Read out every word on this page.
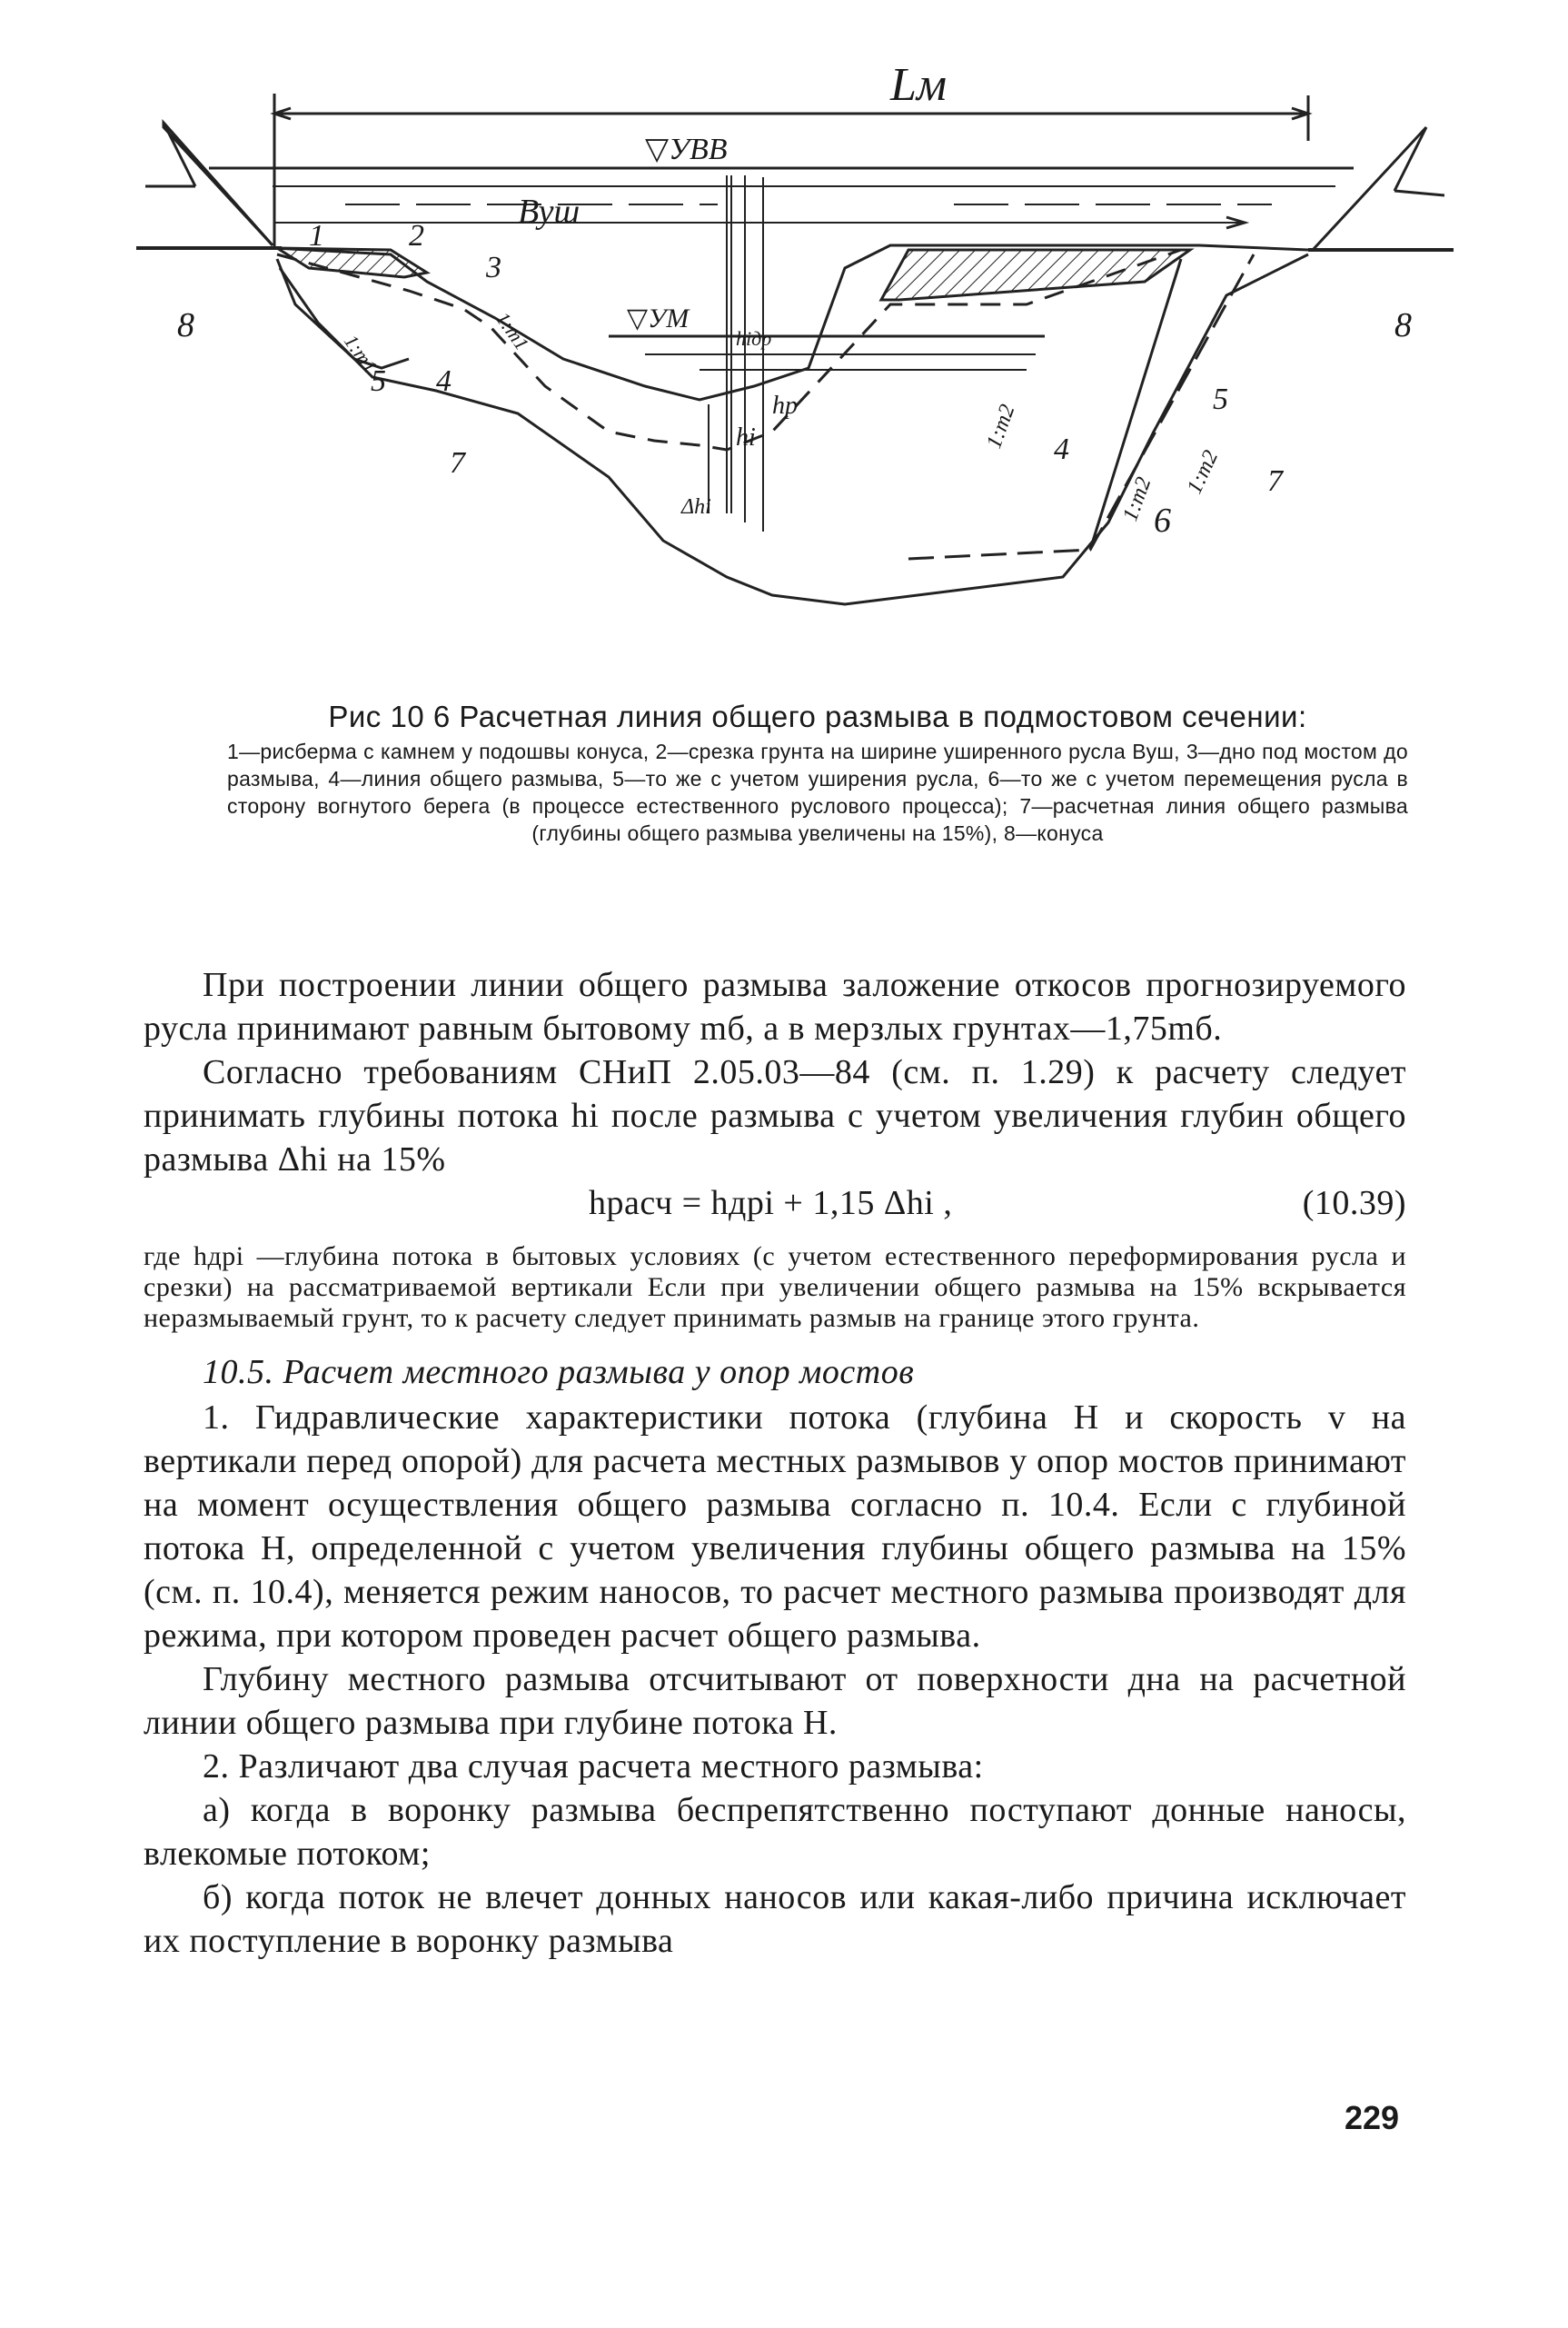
Lм
▽УВВ
Вуш
▽УМ
hiдр
hр
hi
Δhi
1:m1	1:m1
1:m2
1:m2
1:m2
1	2
3
4
4
5
5
6
7
7
8	8
Рис 10 6 Расчетная линия общего размыва в подмостовом сечении:
1—рисберма с камнем у подошвы конуса, 2—срезка грунта на ширине уширенного русла Вуш, 3—дно под мостом до размыва, 4—линия общего размыва, 5—то же с учетом уширения русла, 6—то же с учетом перемещения русла в сторону вогнутого берега (в процессе естественного руслового процесса); 7—расчетная линия общего размыва (глубины общего размыва увеличены на 15%), 8—конуса

При построении линии общего размыва заложение откосов прогнозируемого русла принимают равным бытовому mб, а в мерзлых грунтах—1,75mб.

Согласно требованиям СНиП 2.05.03—84 (см. п. 1.29) к расчету следует принимать глубины потока hi после размыва с учетом увеличения глубин общего размыва Δhi на 15%

hрасч = hдрi + 1,15 Δhi ,	(10.39)

где hдрi —глубина потока в бытовых условиях (с учетом естественного переформирования русла и срезки) на рассматриваемой вертикали Если при увеличении общего размыва на 15% вскрывается неразмываемый грунт, то к расчету следует принимать размыв на границе этого грунта.

10.5. Расчет местного размыва у опор мостов

1. Гидравлические характеристики потока (глубина H и скорость v на вертикали перед опорой) для расчета местных размывов у опор мостов принимают на момент осуществления общего размыва согласно п. 10.4. Если с глубиной потока H, определенной с учетом увеличения глубины общего размыва на 15% (см. п. 10.4), меняется режим наносов, то расчет местного размыва производят для режима, при котором проведен расчет общего размыва.

Глубину местного размыва отсчитывают от поверхности дна на расчетной линии общего размыва при глубине потока H.

2. Различают два случая расчета местного размыва:

а) когда в воронку размыва беспрепятственно поступают донные наносы, влекомые потоком;

б) когда поток не влечет донных наносов или какая-либо причина исключает их поступление в воронку размыва

229
